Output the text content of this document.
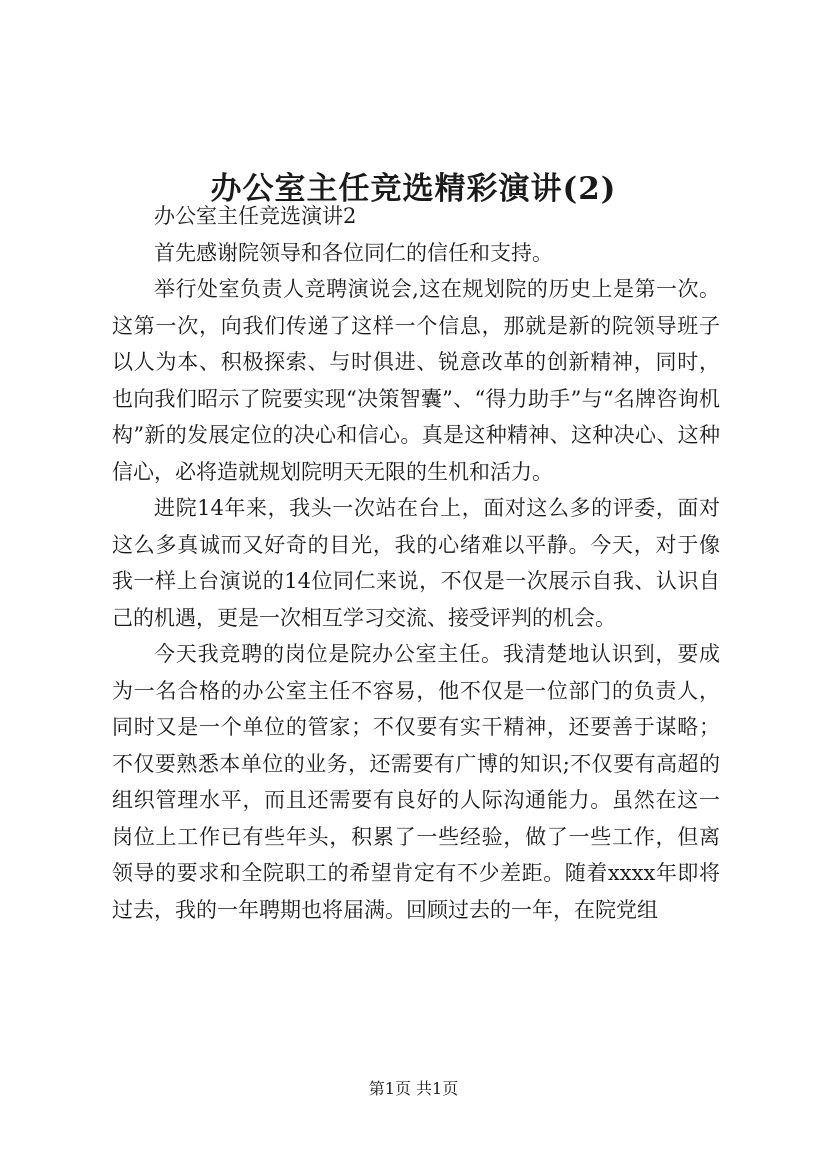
办公室主任竞选精彩演讲(2)

办公室主任竞选演讲2

首先感谢院领导和各位同仁的信任和支持。

举行处室负责人竞聘演说会,这在规划院的历史上是第一次。这第一次，向我们传递了这样一个信息，那就是新的院领导班子以人为本、积极探索、与时俱进、锐意改革的创新精神，同时，也向我们昭示了院要实现“决策智囊”、“得力助手”与“名牌咨询机构”新的发展定位的决心和信心。真是这种精神、这种决心、这种信心，必将造就规划院明天无限的生机和活力。

进院14年来，我头一次站在台上，面对这么多的评委，面对这么多真诚而又好奇的目光，我的心绪难以平静。今天，对于像我一样上台演说的14位同仁来说，不仅是一次展示自我、认识自己的机遇，更是一次相互学习交流、接受评判的机会。

今天我竞聘的岗位是院办公室主任。我清楚地认识到，要成为一名合格的办公室主任不容易，他不仅是一位部门的负责人，同时又是一个单位的管家；不仅要有实干精神，还要善于谋略；不仅要熟悉本单位的业务，还需要有广博的知识;不仅要有高超的组织管理水平，而且还需要有良好的人际沟通能力。虽然在这一岗位上工作已有些年头，积累了一些经验，做了一些工作，但离领导的要求和全院职工的希望肯定有不少差距。随着xxxx年即将过去，我的一年聘期也将届满。回顾过去的一年，在院党组

第1页 共1页
